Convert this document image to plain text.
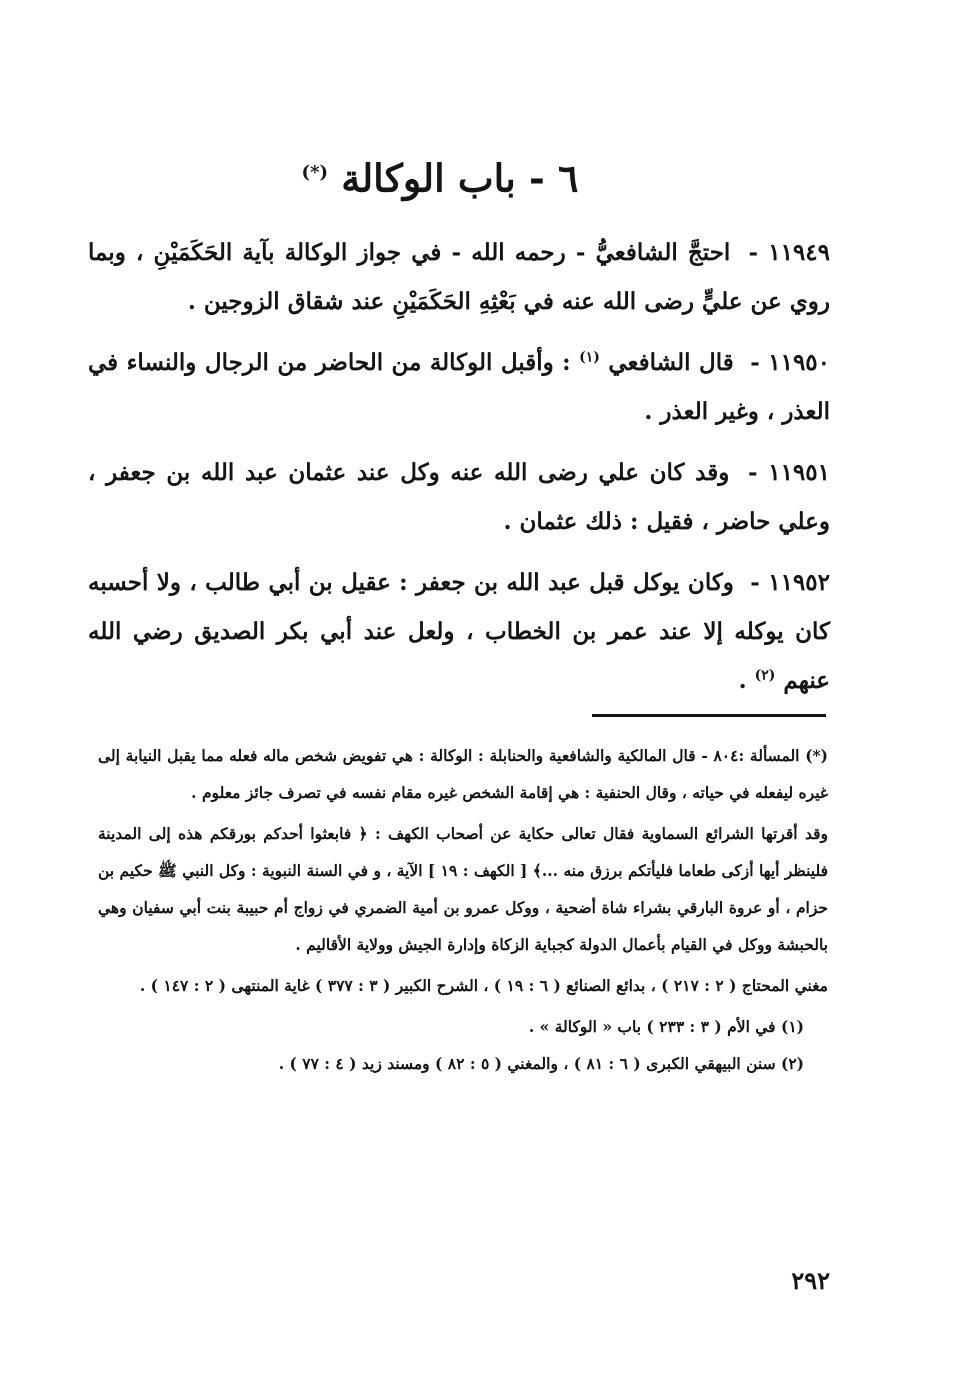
٦ - باب الوكالة (*)

١١٩٤٩ - احتجَّ الشافعيُّ - رحمه الله - في جواز الوكالة بآية الحَكَمَيْنِ ، وبما روي عن عليٍّ رضى الله عنه في بَعْثِهِ الحَكَمَيْنِ عند شقاق الزوجين .

١١٩٥٠ - قال الشافعي $^{(١)}$ : وأقبل الوكالة من الحاضر من الرجال والنساء في العذر ، وغير العذر .

١١٩٥١ - وقد كان علي رضى الله عنه وكل عند عثمان عبد الله بن جعفر ، وعلي حاضر ، فقيل : ذلك عثمان .

١١٩٥٢ - وكان يوكل قبل عبد الله بن جعفر : عقيل بن أبي طالب ، ولا أحسبه كان يوكله إلا عند عمر بن الخطاب ، ولعل عند أبي بكر الصديق رضي الله عنهم $^{(٢)}$ .

(*) المسألة :٨٠٤ - قال المالكية والشافعية والحنابلة : الوكالة : هي تفويض شخص ماله فعله مما يقبل النيابة إلى غيره ليفعله في حياته ، وقال الحنفية : هي إقامة الشخص غيره مقام نفسه في تصرف جائز معلوم .

وقد أقرتها الشرائع السماوية فقال تعالى حكاية عن أصحاب الكهف : ﴿ فابعثوا أحدكم بورقكم هذه إلى المدينة فلينظر أيها أزكى طعاما فليأتكم برزق منه ...﴾ [ الكهف : ١٩ ] الآية ، و في السنة النبوية : وكل النبي ﷺ حكيم بن حزام ، أو عروة البارقي بشراء شاة أضحية ، ووكل عمرو بن أمية الضمري في زواج أم حبيبة بنت أبي سفيان وهي بالحبشة ووكل في القيام بأعمال الدولة كجباية الزكاة وإدارة الجيش وولاية الأقاليم .

مغني المحتاج ( ٢ : ٢١٧ ) ، بدائع الصنائع ( ٦ : ١٩ ) ، الشرح الكبير ( ٣ : ٣٧٧ ) غاية المنتهى ( ٢ : ١٤٧ ) .

(١) في الأم ( ٣ : ٢٣٣ ) باب « الوكالة » .

(٢) سنن البيهقي الكبرى ( ٦ : ٨١ ) ، والمغني ( ٥ : ٨٢ ) ومسند زيد ( ٤ : ٧٧ ) .

٢٩٢
